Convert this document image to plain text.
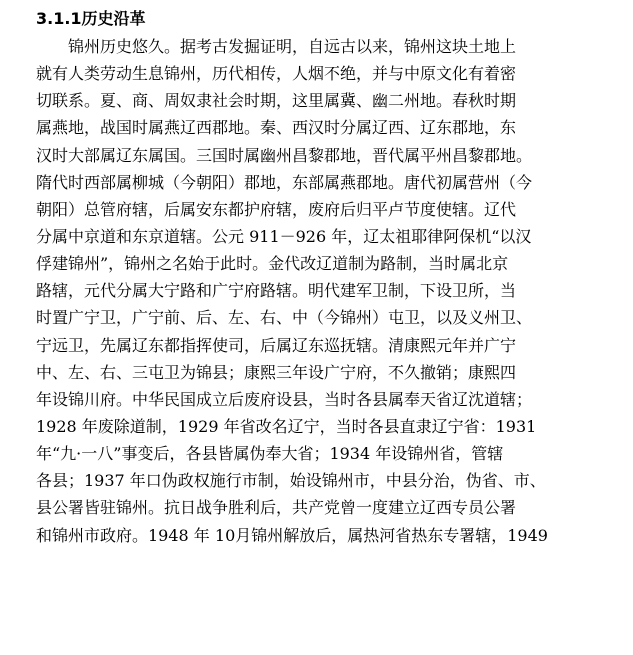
3.1.1历史沿革
锦州历史悠久。据考古发掘证明，自远古以来，锦州这块土地上
就有人类劳动生息锦州，历代相传，人烟不绝，并与中原文化有着密
切联系。夏、商、周奴隶社会时期，这里属冀、幽二州地。春秋时期
属燕地，战国时属燕辽西郡地。秦、西汉时分属辽西、辽东郡地，东
汉时大部属辽东属国。三国时属幽州昌黎郡地，晋代属平州昌黎郡地。
隋代时西部属柳城（今朝阳）郡地，东部属燕郡地。唐代初属营州（今
朝阳）总管府辖，后属安东都护府辖，废府后归平卢节度使辖。辽代
分属中京道和东京道辖。公元 911－926 年，辽太祖耶律阿保机“以汉
俘建锦州”，锦州之名始于此时。金代改辽道制为路制，当时属北京
路辖，元代分属大宁路和广宁府路辖。明代建军卫制，下设卫所，当
时置广宁卫，广宁前、后、左、右、中（今锦州）屯卫，以及义州卫、
宁远卫，先属辽东都指挥使司，后属辽东巡抚辖。清康熙元年并广宁
中、左、右、三屯卫为锦县；康熙三年设广宁府，不久撤销；康熙四
年设锦川府。中华民国成立后废府设县，当时各县属奉天省辽沈道辖；
1928 年废除道制，1929 年省改名辽宁，当时各县直隶辽宁省：1931
年“九·一八”事变后，各县皆属伪奉大省；1934 年设锦州省，管辖
各县；1937 年口伪政权施行市制，始设锦州市，中县分治，伪省、市、
县公署皆驻锦州。抗日战争胜利后，共产党曾一度建立辽西专员公署
和锦州市政府。1948 年 10月锦州解放后，属热河省热东专署辖，1949
